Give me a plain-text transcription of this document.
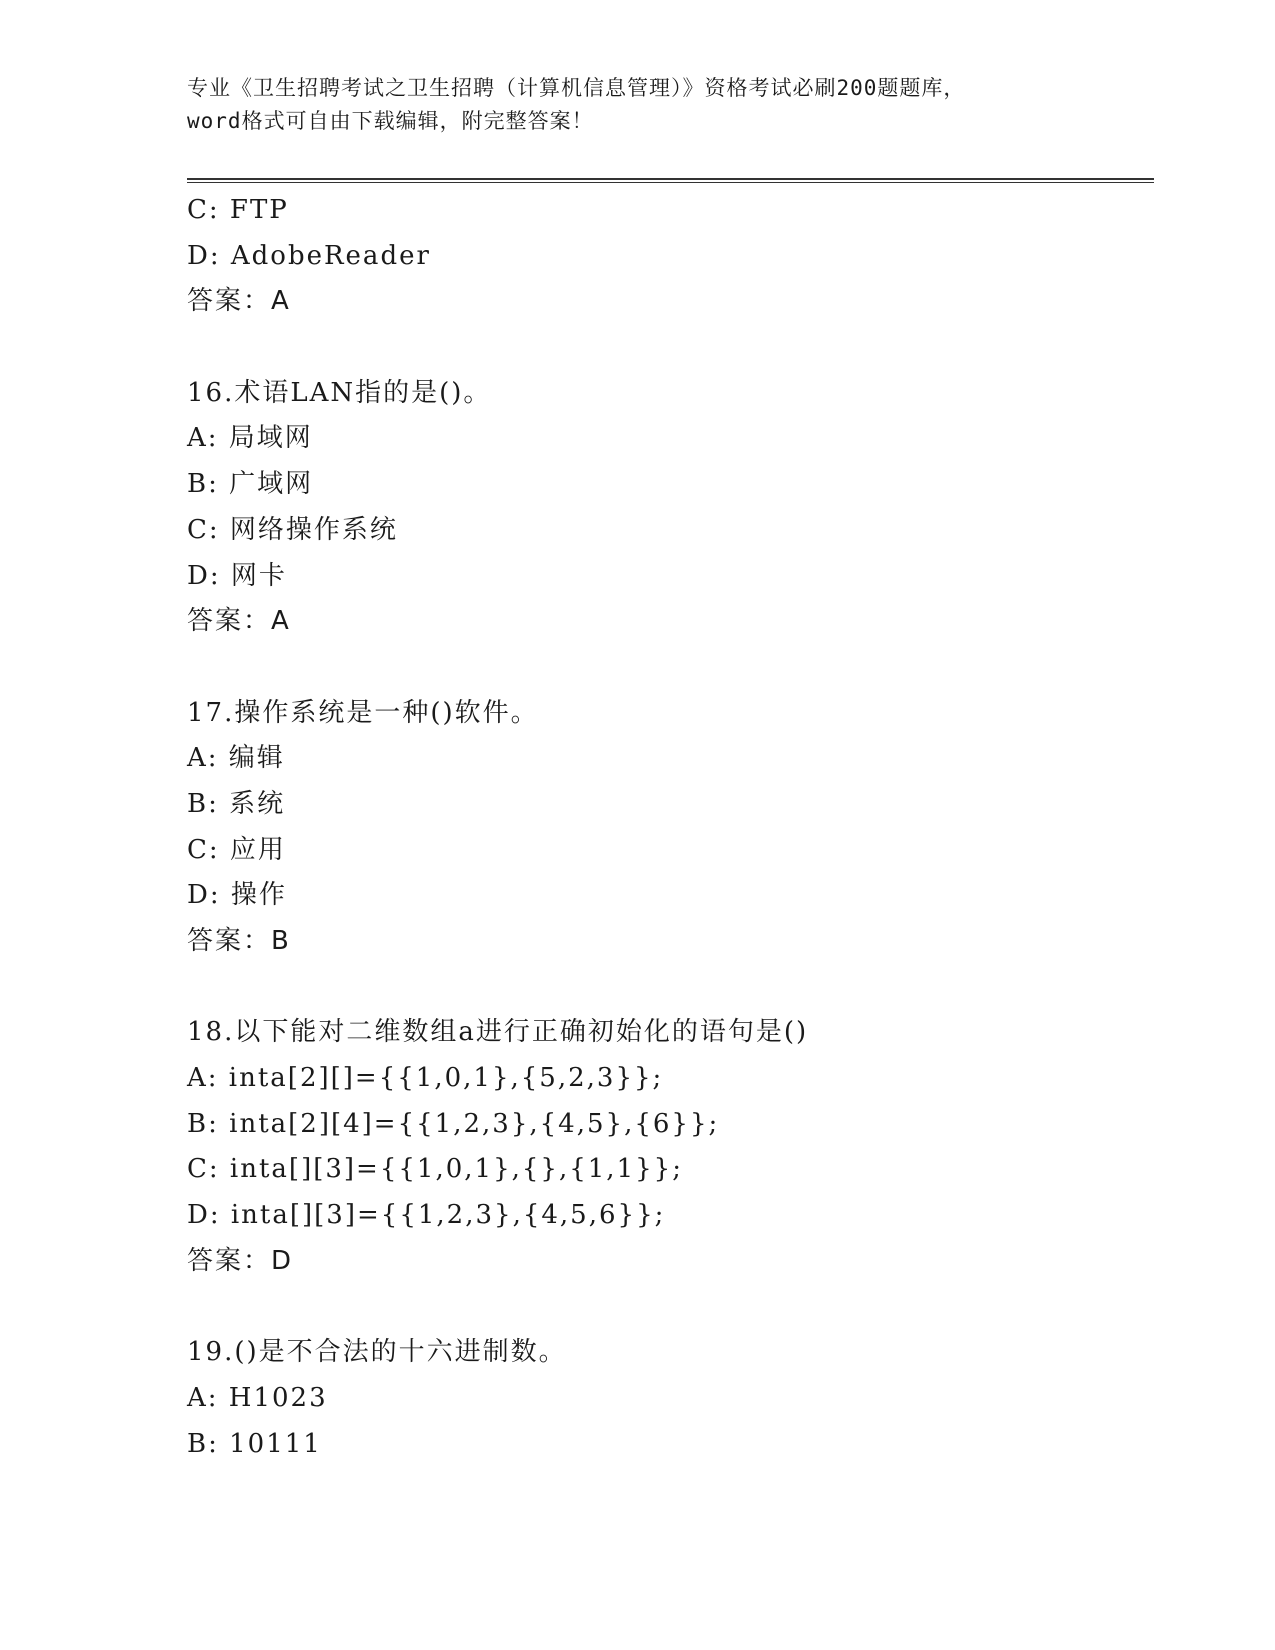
专业《卫生招聘考试之卫生招聘（计算机信息管理）》资格考试必刷200题题库，
word格式可自由下载编辑，附完整答案！
C: FTP
D: AdobeReader
答案：A
16.术语LAN指的是()。
A: 局域网
B: 广域网
C: 网络操作系统
D: 网卡
答案：A
17.操作系统是一种()软件。
A: 编辑
B: 系统
C: 应用
D: 操作
答案：B
18.以下能对二维数组a进行正确初始化的语句是()
A: inta[2][]={{1,0,1},{5,2,3}};
B: inta[2][4]={{1,2,3},{4,5},{6}};
C: inta[][3]={{1,0,1},{},{1,1}};
D: inta[][3]={{1,2,3},{4,5,6}};
答案：D
19.()是不合法的十六进制数。
A: H1023
B: 10111
